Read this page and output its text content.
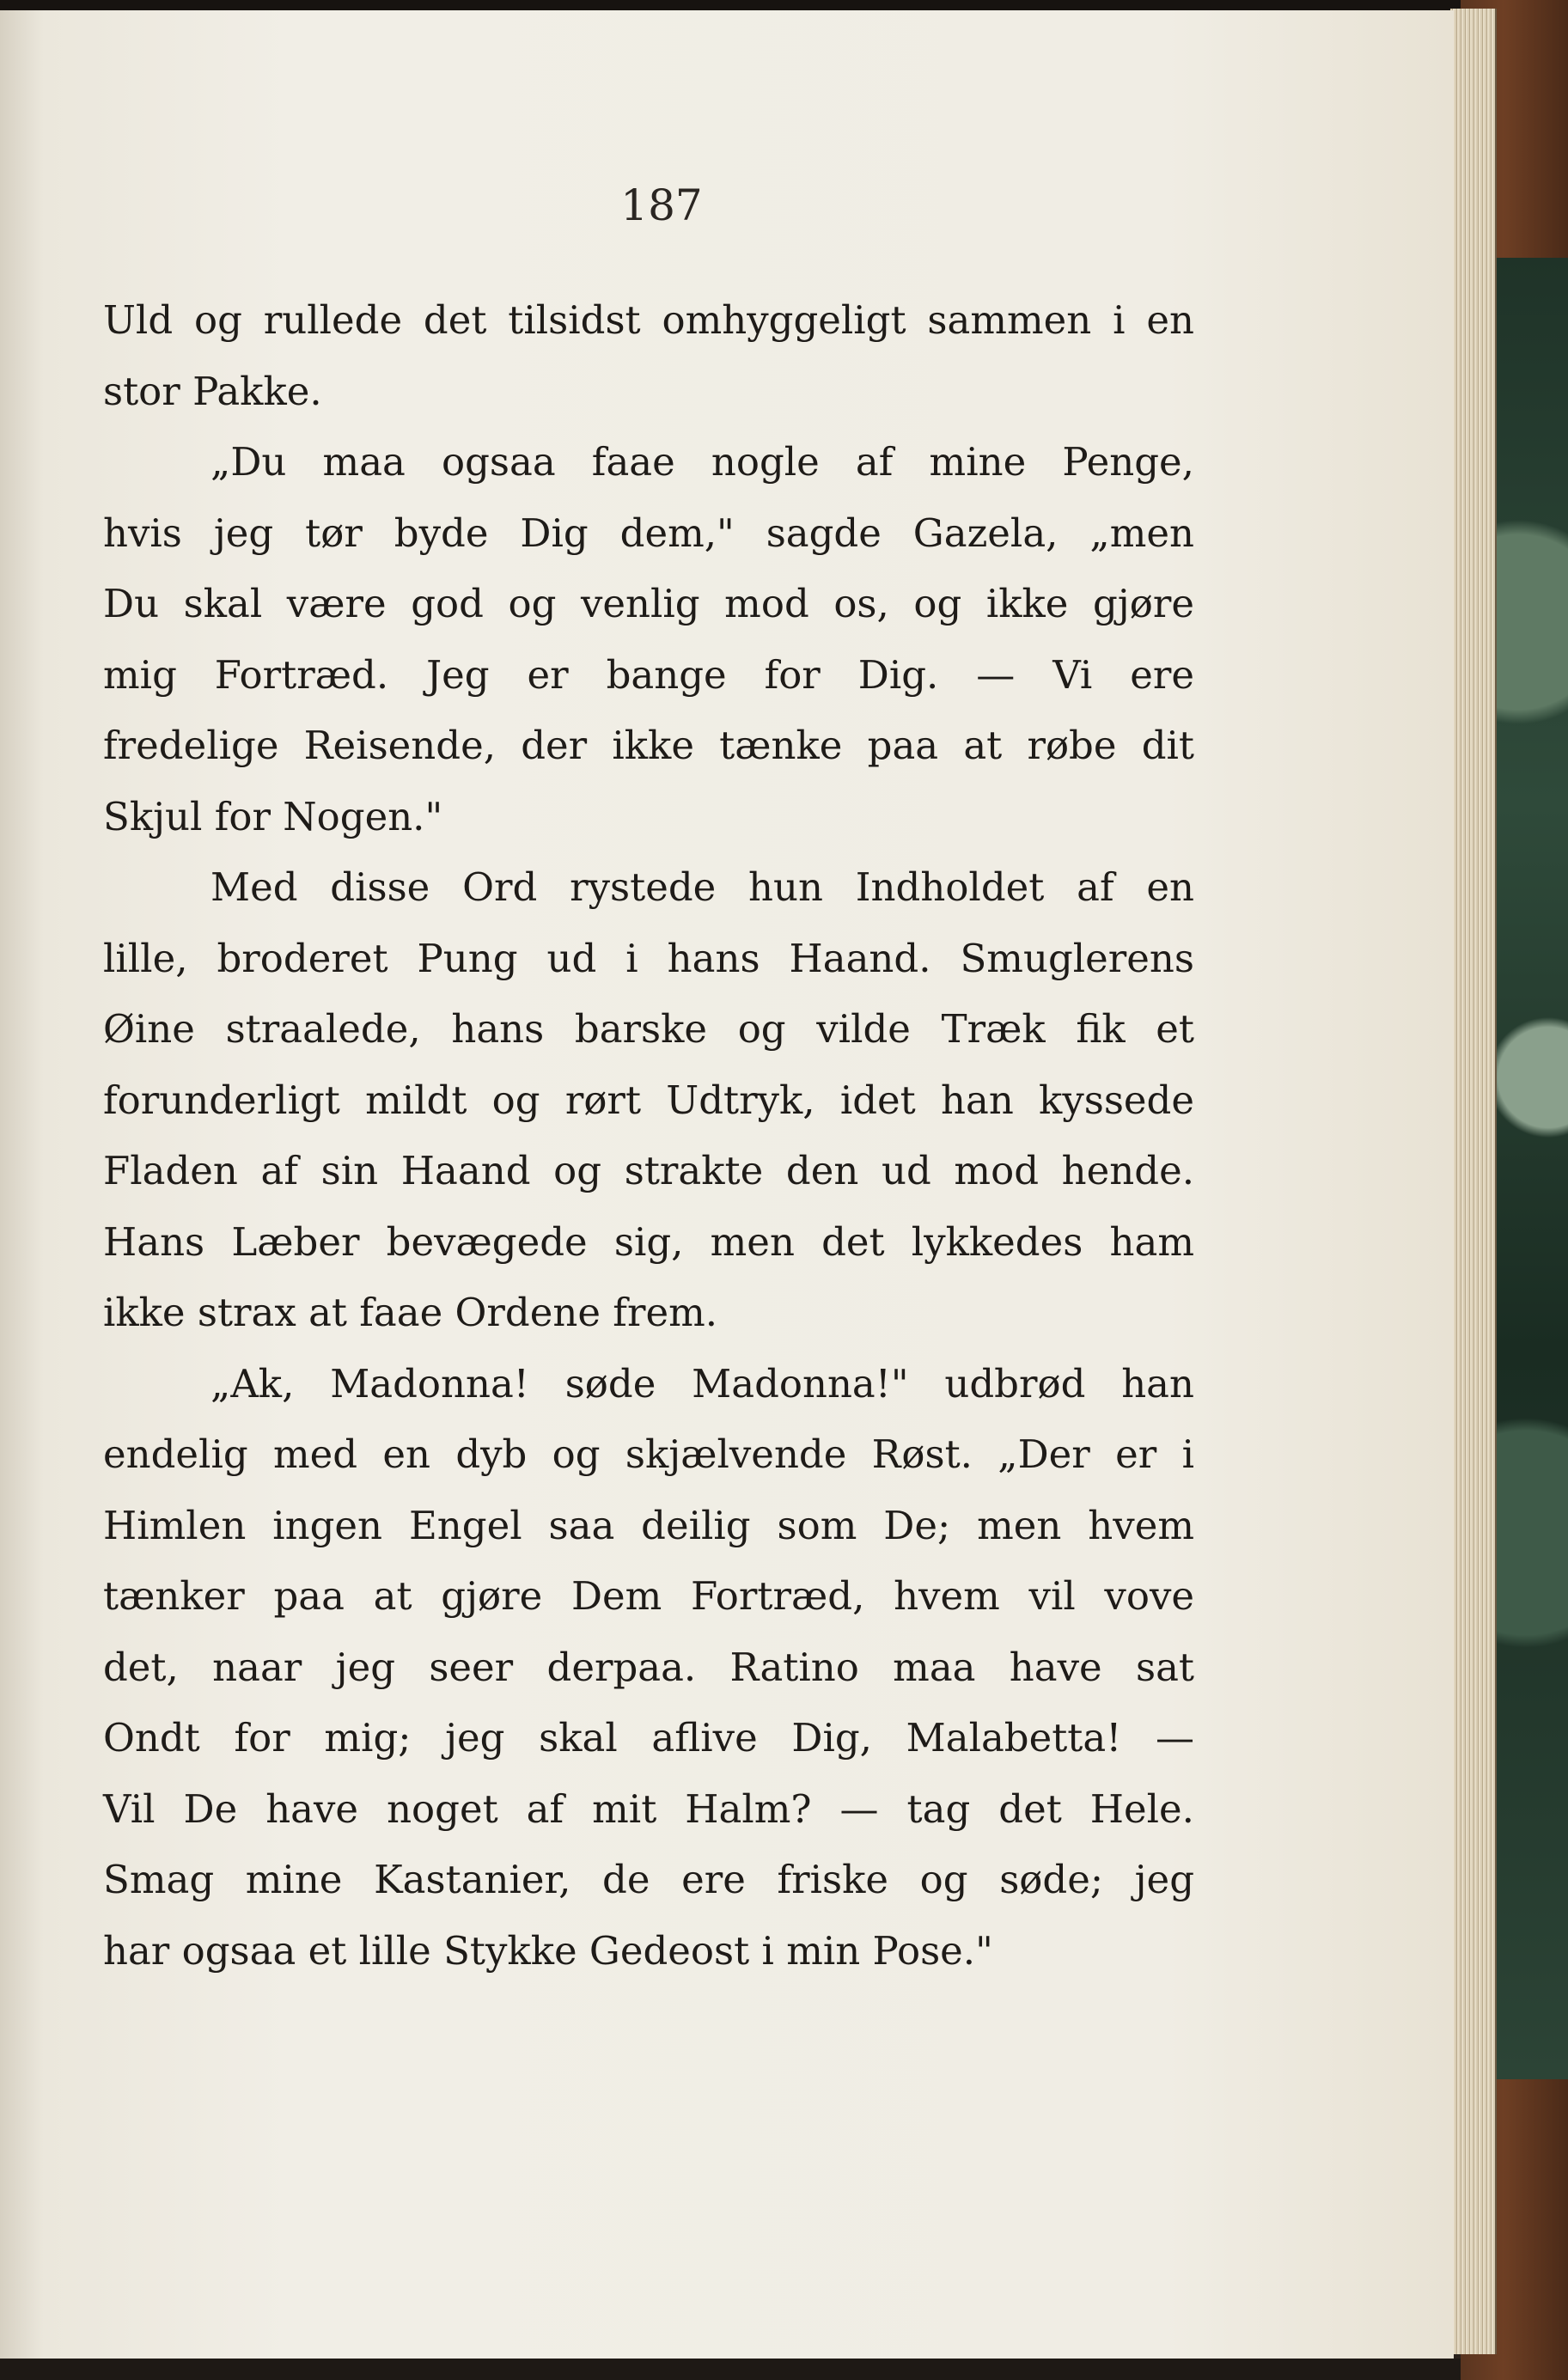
187
Uld og rullede det tilsidst omhyggeligt sammen i en
stor Pakke.
„Du maa ogsaa faae nogle af mine Penge,
hvis jeg tør byde Dig dem," sagde Gazela, „men
Du skal være god og venlig mod os, og ikke gjøre
mig Fortræd. Jeg er bange for Dig. — Vi ere
fredelige Reisende, der ikke tænke paa at røbe dit
Skjul for Nogen."
Med disse Ord rystede hun Indholdet af en
lille, broderet Pung ud i hans Haand. Smuglerens
Øine straalede, hans barske og vilde Træk fik et
forunderligt mildt og rørt Udtryk, idet han kyssede
Fladen af sin Haand og strakte den ud mod hende.
Hans Læber bevægede sig, men det lykkedes ham
ikke strax at faae Ordene frem.
„Ak, Madonna! søde Madonna!" udbrød han
endelig med en dyb og skjælvende Røst. „Der er i
Himlen ingen Engel saa deilig som De; men hvem
tænker paa at gjøre Dem Fortræd, hvem vil vove
det, naar jeg seer derpaa. Ratino maa have sat
Ondt for mig; jeg skal aflive Dig, Malabetta! —
Vil De have noget af mit Halm? — tag det Hele.
Smag mine Kastanier, de ere friske og søde; jeg
har ogsaa et lille Stykke Gedeost i min Pose."
